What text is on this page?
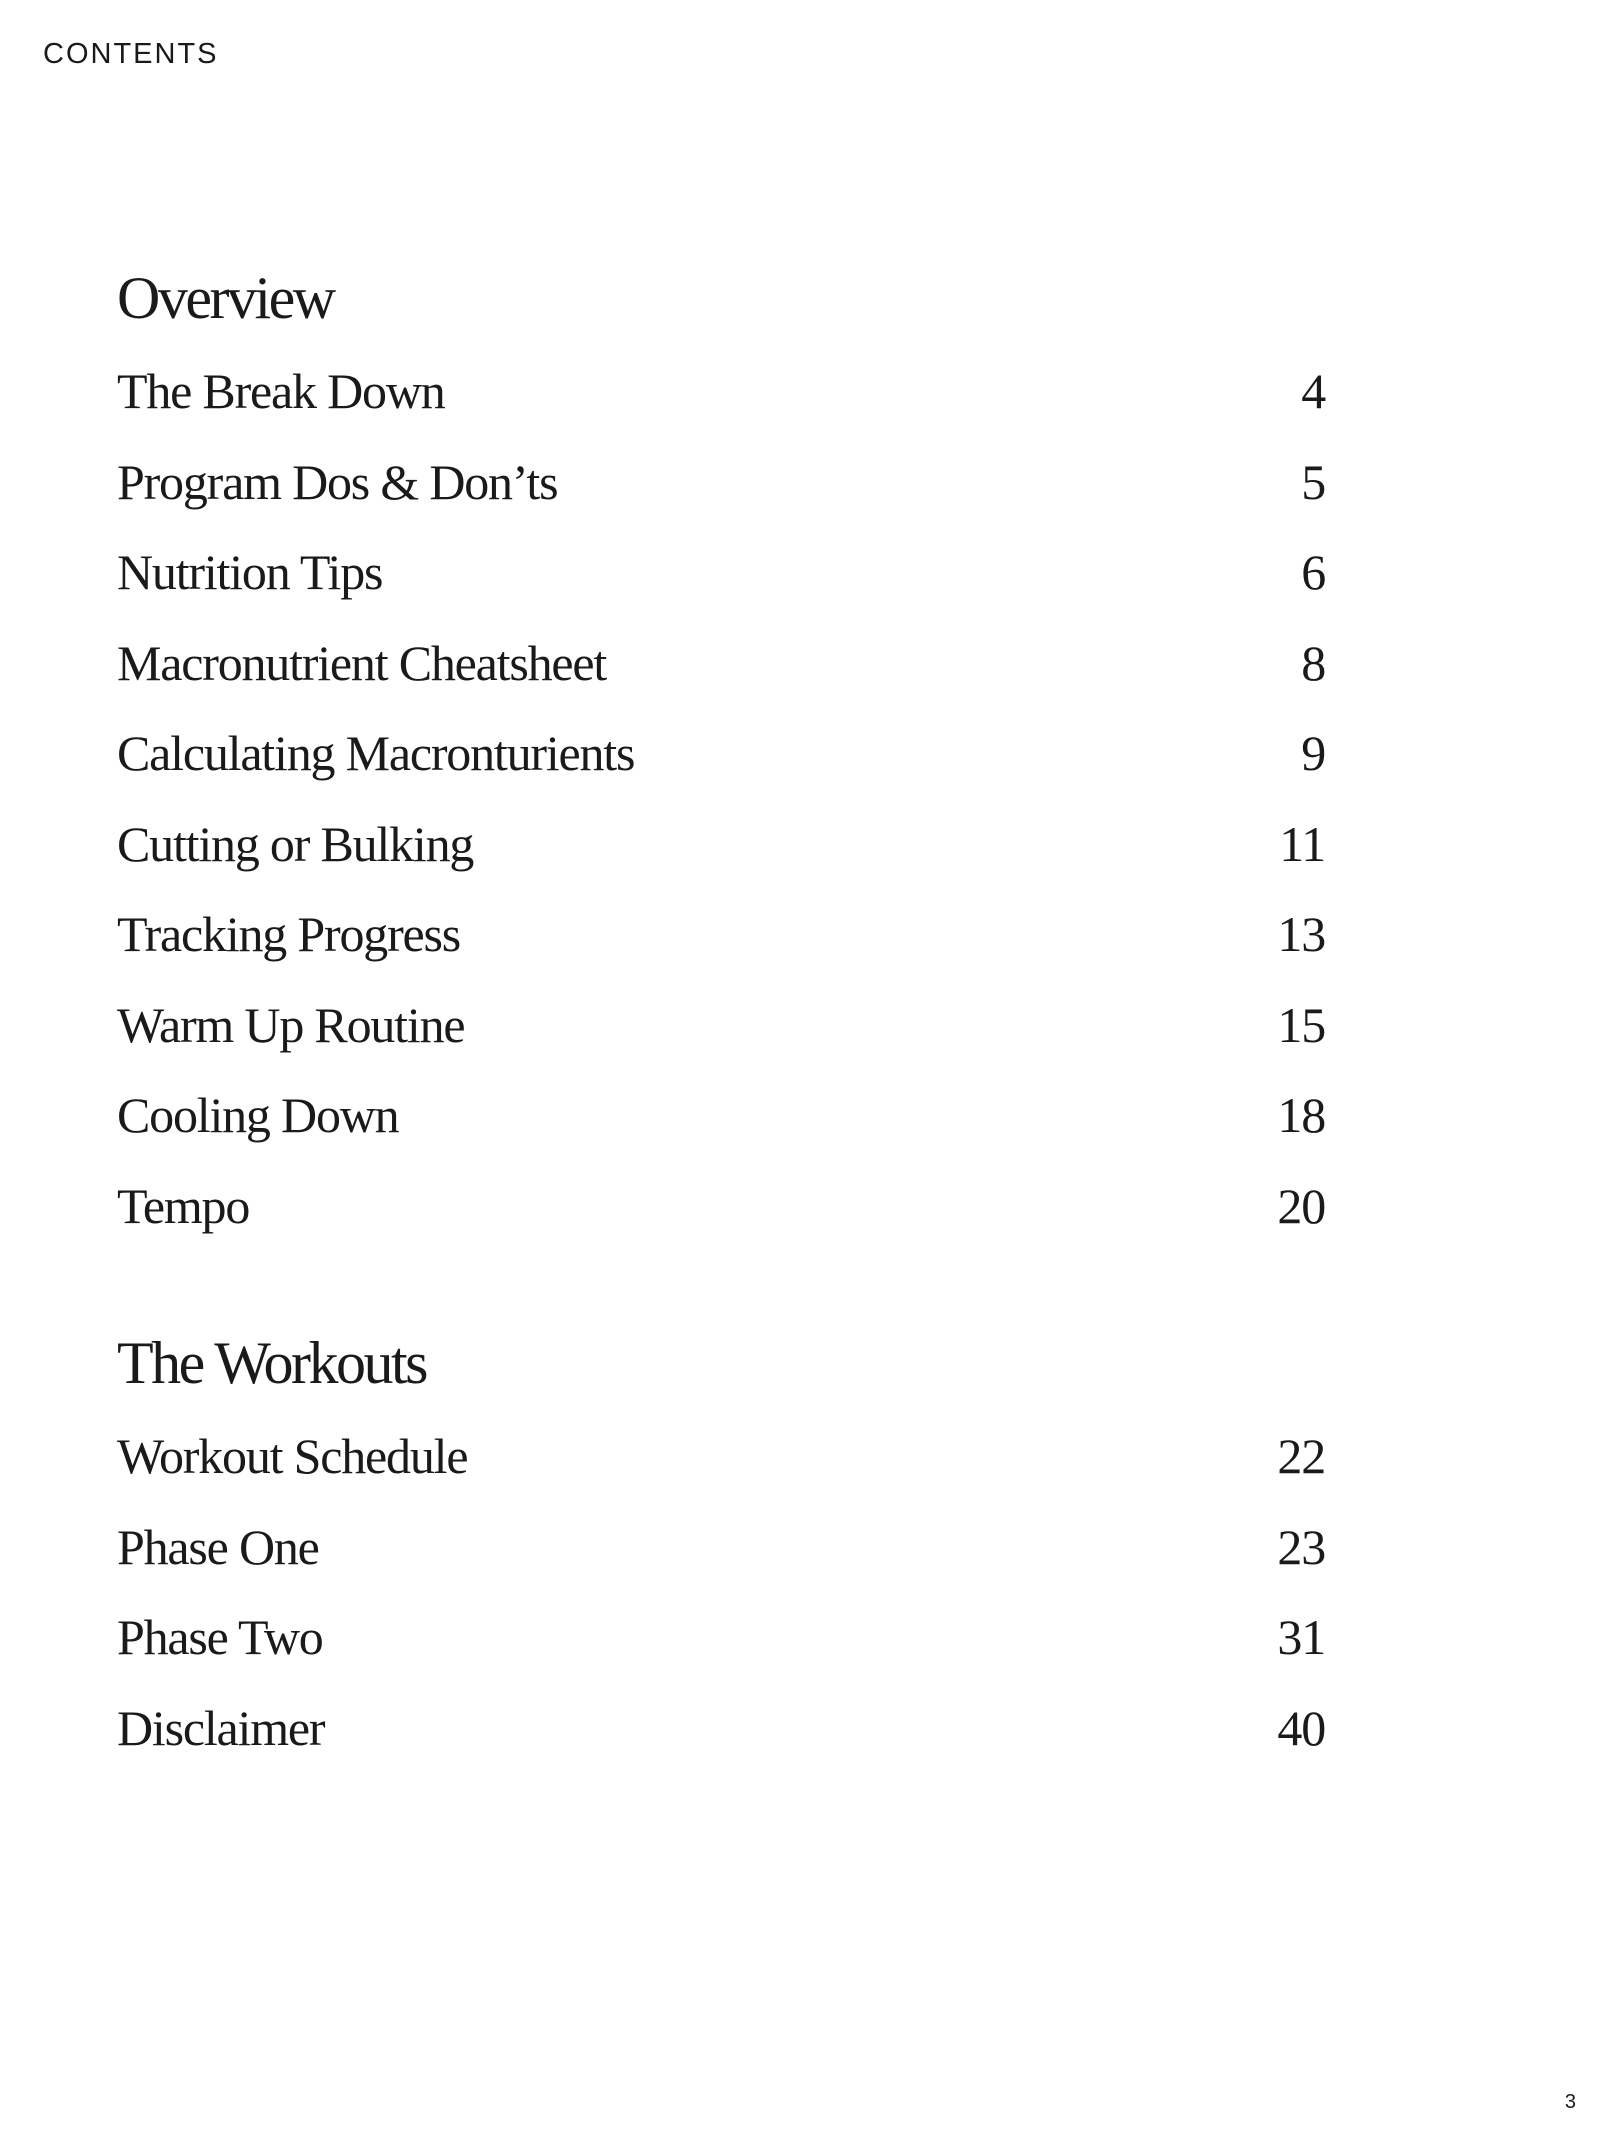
CONTENTS
Overview
The Break Down	4
Program Dos & Don’ts	5
Nutrition Tips	6
Macronutrient Cheatsheet	8
Calculating Macronturients	9
Cutting or Bulking	11
Tracking Progress	13
Warm Up Routine	15
Cooling Down	18
Tempo	20
The Workouts
Workout Schedule	22
Phase One	23
Phase Two	31
Disclaimer	40
3
